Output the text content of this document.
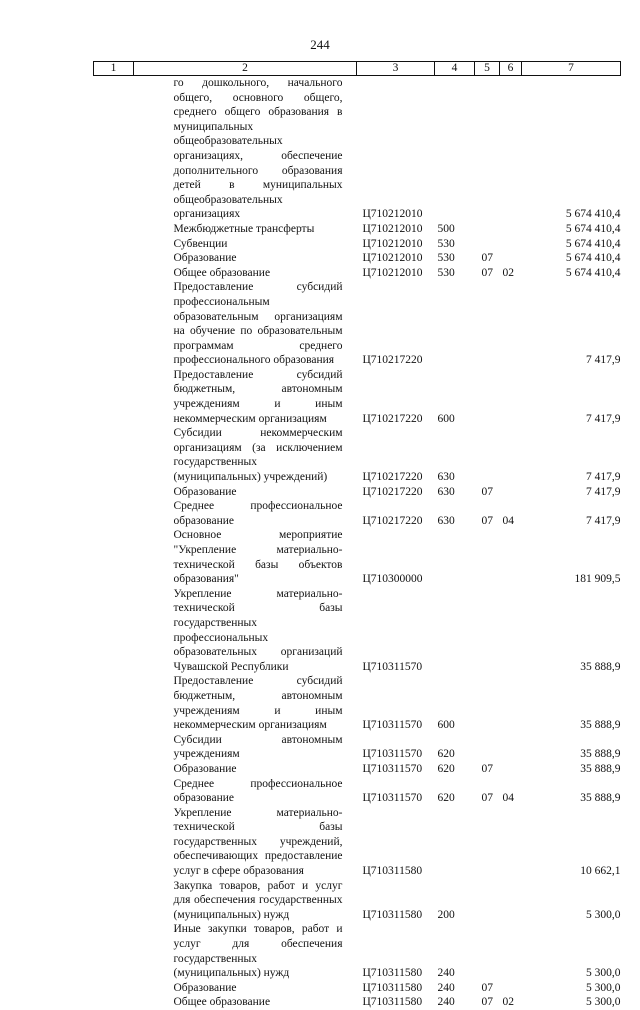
244
1	2	3	4	5	6	7
	го дошкольного, начального общего, основного общего, среднего общего образования в муниципальных общеобразовательных организациях, обеспечение дополнительного образования детей в муниципальных общеобразовательных организациях	Ц710212010				5 674 410,4
	Межбюджетные трансферты	Ц710212010	500			5 674 410,4
	Субвенции	Ц710212010	530			5 674 410,4
	Образование	Ц710212010	530	07		5 674 410,4
	Общее образование	Ц710212010	530	07	02	5 674 410,4
	Предоставление субсидий профессиональным образовательным организациям на обучение по образовательным программам среднего профессионального образования	Ц710217220				7 417,9
	Предоставление субсидий бюджетным, автономным учреждениям и иным некоммерческим организациям	Ц710217220	600			7 417,9
	Субсидии некоммерческим организациям (за исключением государственных (муниципальных) учреждений)	Ц710217220	630			7 417,9
	Образование	Ц710217220	630	07		7 417,9
	Среднее профессиональное образование	Ц710217220	630	07	04	7 417,9
	Основное мероприятие "Укрепление материально-технической базы объектов образования"	Ц710300000				181 909,5
	Укрепление материально-технической базы государственных профессиональных образовательных организаций Чувашской Республики	Ц710311570				35 888,9
	Предоставление субсидий бюджетным, автономным учреждениям и иным некоммерческим организациям	Ц710311570	600			35 888,9
	Субсидии автономным учреждениям	Ц710311570	620			35 888,9
	Образование	Ц710311570	620	07		35 888,9
	Среднее профессиональное образование	Ц710311570	620	07	04	35 888,9
	Укрепление материально-технической базы государственных учреждений, обеспечивающих предоставление услуг в сфере образования	Ц710311580				10 662,1
	Закупка товаров, работ и услуг для обеспечения государственных (муниципальных) нужд	Ц710311580	200			5 300,0
	Иные закупки товаров, работ и услуг для обеспечения государственных (муниципальных) нужд	Ц710311580	240			5 300,0
	Образование	Ц710311580	240	07		5 300,0
	Общее образование	Ц710311580	240	07	02	5 300,0
